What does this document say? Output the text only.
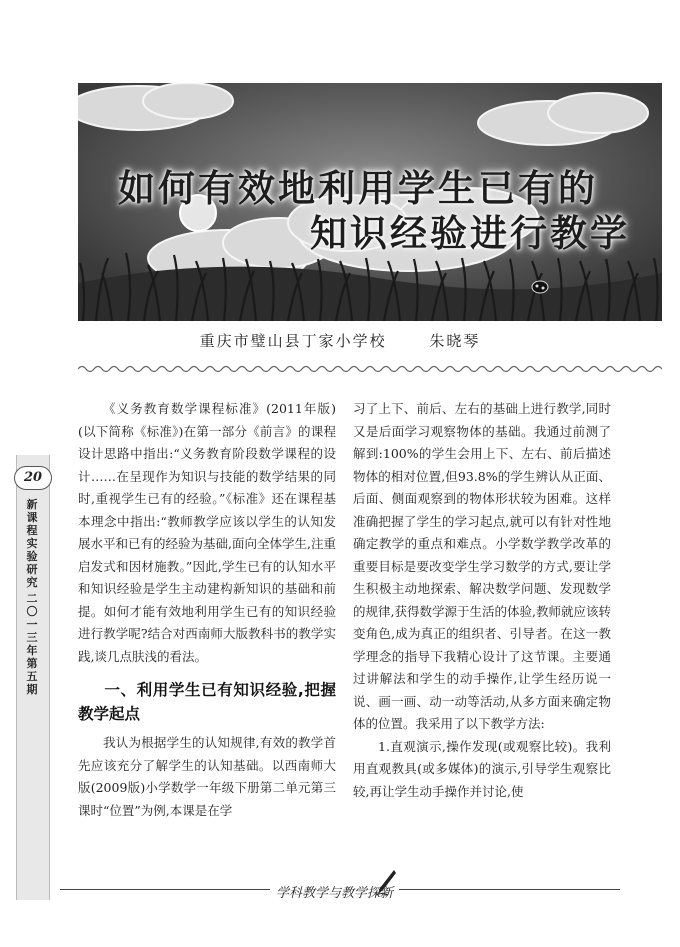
如何有效地利用学生已有的
知识经验进行教学
重庆市璧山县丁家小学校	朱晓琴
20
新课程实验研究
二〇一三年第五期

《义务教育数学课程标准》(2011年版)(以下简称《标准》)在第一部分《前言》的课程设计思路中指出:“义务教育阶段数学课程的设计……在呈现作为知识与技能的数学结果的同时,重视学生已有的经验。”《标准》还在课程基本理念中指出:“教师教学应该以学生的认知发展水平和已有的经验为基础,面向全体学生,注重启发式和因材施教。”因此,学生已有的认知水平和知识经验是学生主动建构新知识的基础和前提。如何才能有效地利用学生已有的知识经验进行教学呢?结合对西南师大版教科书的教学实践,谈几点肤浅的看法。

一、利用学生已有知识经验,把握教学起点

我认为根据学生的认知规律,有效的教学首先应该充分了解学生的认知基础。以西南师大版(2009版)小学数学一年级下册第二单元第三课时“位置”为例,本课是在学

习了上下、前后、左右的基础上进行教学,同时又是后面学习观察物体的基础。我通过前测了解到:100%的学生会用上下、左右、前后描述物体的相对位置,但93.8%的学生辨认从正面、后面、侧面观察到的物体形状较为困难。这样准确把握了学生的学习起点,就可以有针对性地确定教学的重点和难点。小学数学教学改革的重要目标是要改变学生学习数学的方式,要让学生积极主动地探索、解决数学问题、发现数学的规律,获得数学源于生活的体验,教师就应该转变角色,成为真正的组织者、引导者。在这一教学理念的指导下我精心设计了这节课。主要通过讲解法和学生的动手操作,让学生经历说一说、画一画、动一动等活动,从多方面来确定物体的位置。我采用了以下教学方法:

1.直观演示,操作发现(或观察比较)。我利用直观教具(或多媒体)的演示,引导学生观察比较,再让学生动手操作并讨论,使

学科教学与教学探新
